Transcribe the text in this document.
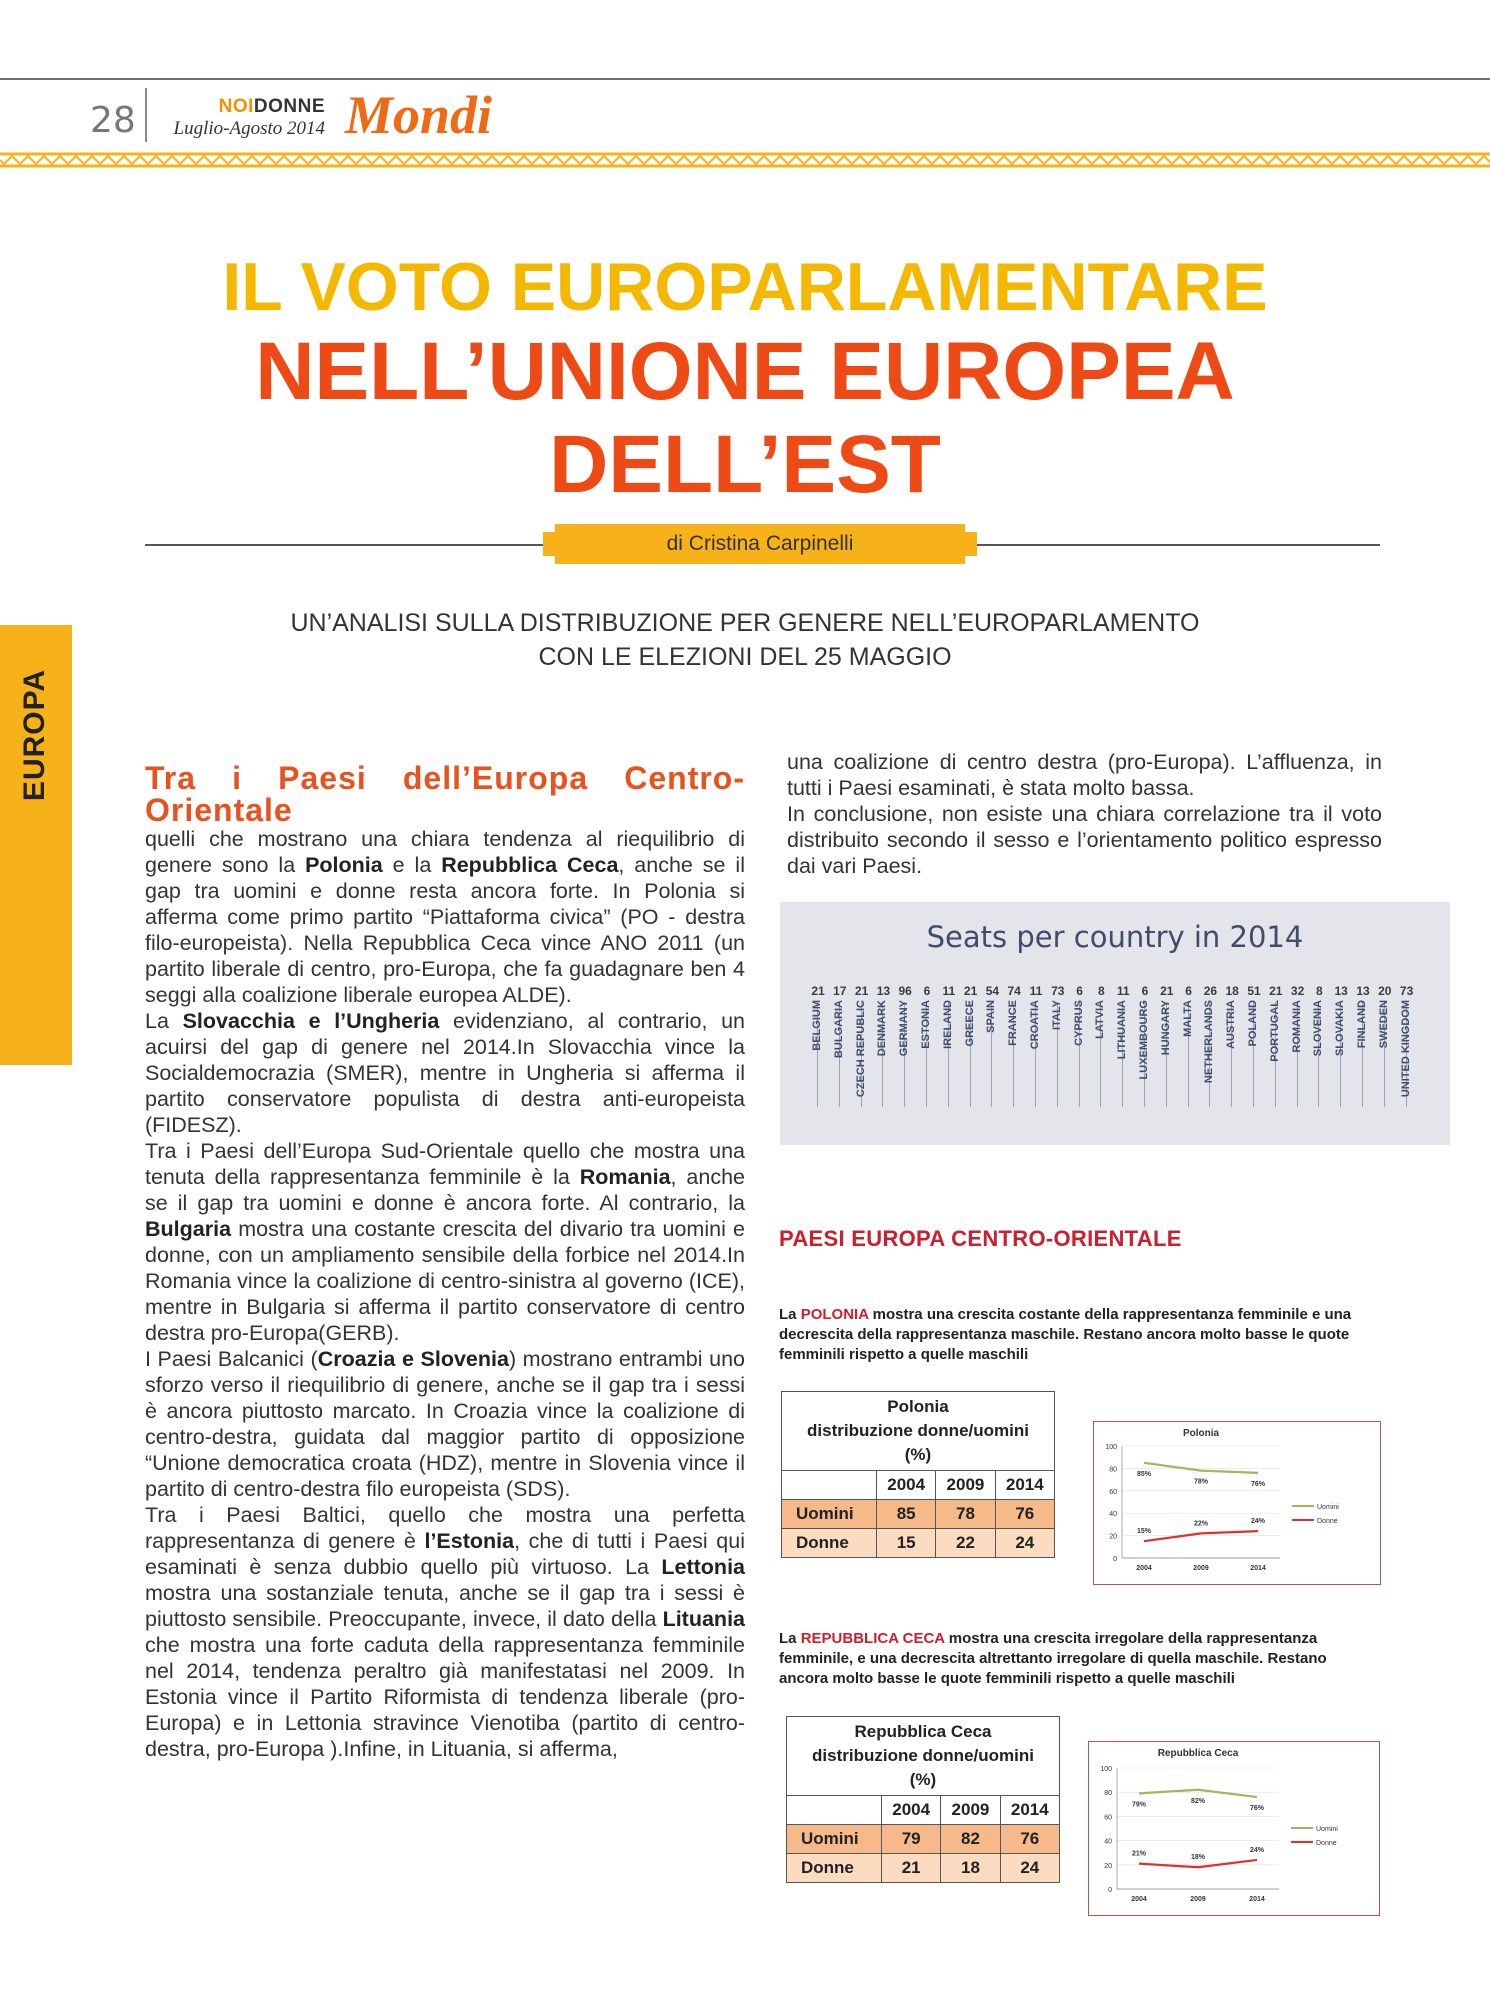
28	NOIDONNE
Luglio-Agosto 2014 Mondi
IL VOTO EUROPARLAMENTARE
NELL’UNIONE EUROPEA
DELL’EST
di Cristina Carpinelli
UN’ANALISI SULLA DISTRIBUZIONE PER GENERE NELL’EUROPARLAMENTO
CON LE ELEZIONI DEL 25 MAGGIO
EUROPA	Tra i Paesi dell’Europa Centro-Orientale

quelli che mostrano una chiara tendenza al riequilibrio di genere sono la Polonia e la Repubblica Ceca, anche se il gap tra uomini e donne resta ancora forte. In Polonia si afferma come primo partito “Piattaforma civica” (PO - destra filo-europeista). Nella Repubblica Ceca vince ANO 2011 (un partito liberale di centro, pro-Europa, che fa guadagnare ben 4 seggi alla coalizione liberale europea ALDE).

La Slovacchia e l’Ungheria evidenziano, al contrario, un acuirsi del gap di genere nel 2014.In Slovacchia vince la Socialdemocrazia (SMER), mentre in Ungheria si afferma il partito conservatore populista di destra anti-europeista (FIDESZ).

Tra i Paesi dell’Europa Sud-Orientale quello che mostra una tenuta della rappresentanza femminile è la Romania, anche se il gap tra uomini e donne è ancora forte. Al contrario, la Bulgaria mostra una costante crescita del divario tra uomini e donne, con un ampliamento sensibile della forbice nel 2014.In Romania vince la coalizione di centro-sinistra al governo (ICE), mentre in Bulgaria si afferma il partito conservatore di centro destra pro-Europa(GERB).

I Paesi Balcanici (Croazia e Slovenia) mostrano entrambi uno sforzo verso il riequilibrio di genere, anche se il gap tra i sessi è ancora piuttosto marcato. In Croazia vince la coalizione di centro-destra, guidata dal maggior partito di opposizione “Unione democratica croata (HDZ), mentre in Slovenia vince il partito di centro-destra filo europeista (SDS).

Tra i Paesi Baltici, quello che mostra una perfetta rappresentanza di genere è l’Estonia, che di tutti i Paesi qui esaminati è senza dubbio quello più virtuoso. La Lettonia mostra una sostanziale tenuta, anche se il gap tra i sessi è piuttosto sensibile. Preoccupante, invece, il dato della Lituania che mostra una forte caduta della rappresentanza femminile nel 2014, tendenza peraltro già manifestatasi nel 2009. In Estonia vince il Partito Riformista di tendenza liberale (pro-Europa) e in Lettonia stravince Vienotiba (partito di centro-destra, pro-Europa ).Infine, in Lituania, si afferma,

una coalizione di centro destra (pro-Europa). L’affluenza, in tutti i Paesi esaminati, è stata molto bassa.

In conclusione, non esiste una chiara correlazione tra il voto distribuito secondo il sesso e l’orientamento politico espresso dai vari Paesi.

Seats per country in 2014
21
BELGIUM
17
BULGARIA
21
CZECH REPUBLIC
13
DENMARK
96
GERMANY
6
ESTONIA
11
IRELAND
21
GREECE
54
SPAIN
74
FRANCE
11
CROATIA
73
ITALY
6
CYPRUS
8
LATVIA
11
LITHUANIA
6
LUXEMBOURG
21
HUNGARY
6
MALTA
26
NETHERLANDS
18
AUSTRIA
51
POLAND
21
PORTUGAL
32
ROMANIA
8
SLOVENIA
13
SLOVAKIA
13
FINLAND
20
SWEDEN
73
UNITED KINGDOM
PAESI EUROPA CENTRO-ORIENTALE
La POLONIA mostra una crescita costante della rappresentanza femminile e una decrescita della rappresentanza maschile. Restano ancora molto basse le quote femminili rispetto a quelle maschili
Polonia
distribuzione donne/uomini
(%)			

	2004	2009	2014
Uomini	85	78	76
Donne	15	22	24
Polonia
0
20
40
60
80
100
2004	2009	2014
85%
78%	76%
Uomini
15%
22%	24%	Donne
La REPUBBLICA CECA mostra una crescita irregolare della rappresentanza femminile, e una decrescita altrettanto irregolare di quella maschile. Restano ancora molto basse le quote femminili rispetto a quelle maschili
Repubblica Ceca
distribuzione donne/uomini
(%)			

	2004	2009	2014
Uomini	79	82	76
Donne	21	18	24
Repubblica Ceca
0
20
40
60
80
100
2004	2009	2014
79%
82%
76%
Uomini
21%
18%
24%
Donne
